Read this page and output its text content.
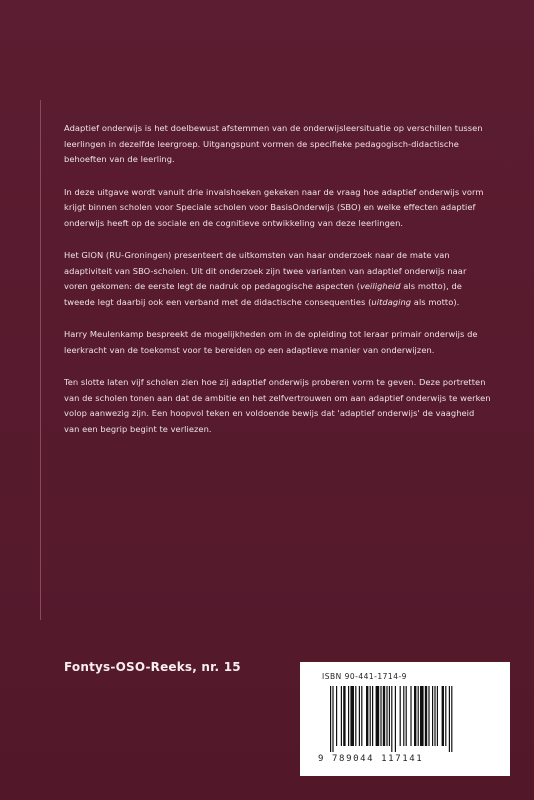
Adaptief onderwijs is het doelbewust afstemmen van de onderwijsleersituatie op verschillen tussen leerlingen in dezelfde leergroep. Uitgangspunt vormen de specifieke pedagogisch-didactische behoeften van de leerling.

In deze uitgave wordt vanuit drie invalshoeken gekeken naar de vraag hoe adaptief onderwijs vorm krijgt binnen scholen voor Speciale scholen voor BasisOnderwijs (SBO) en welke effecten adaptief onderwijs heeft op de sociale en de cognitieve ontwikkeling van deze leerlingen.

Het GION (RU-Groningen) presenteert de uitkomsten van haar onderzoek naar de mate van adaptiviteit van SBO-scholen. Uit dit onderzoek zijn twee varianten van adaptief onderwijs naar voren gekomen: de eerste legt de nadruk op pedagogische aspecten (veiligheid als motto), de tweede legt daarbij ook een verband met de didactische consequenties (uitdaging als motto).

Harry Meulenkamp bespreekt de mogelijkheden om in de opleiding tot leraar primair onderwijs de leerkracht van de toekomst voor te bereiden op een adaptieve manier van onderwijzen.

Ten slotte laten vijf scholen zien hoe zij adaptief onderwijs proberen vorm te geven. Deze portretten van de scholen tonen aan dat de ambitie en het zelfvertrouwen om aan adaptief onderwijs te werken volop aanwezig zijn. Een hoopvol teken en voldoende bewijs dat 'adaptief onderwijs' de vaagheid van een begrip begint te verliezen.

Fontys-OSO-Reeks, nr. 15
ISBN 90-441-1714-9
9 789044 117141
